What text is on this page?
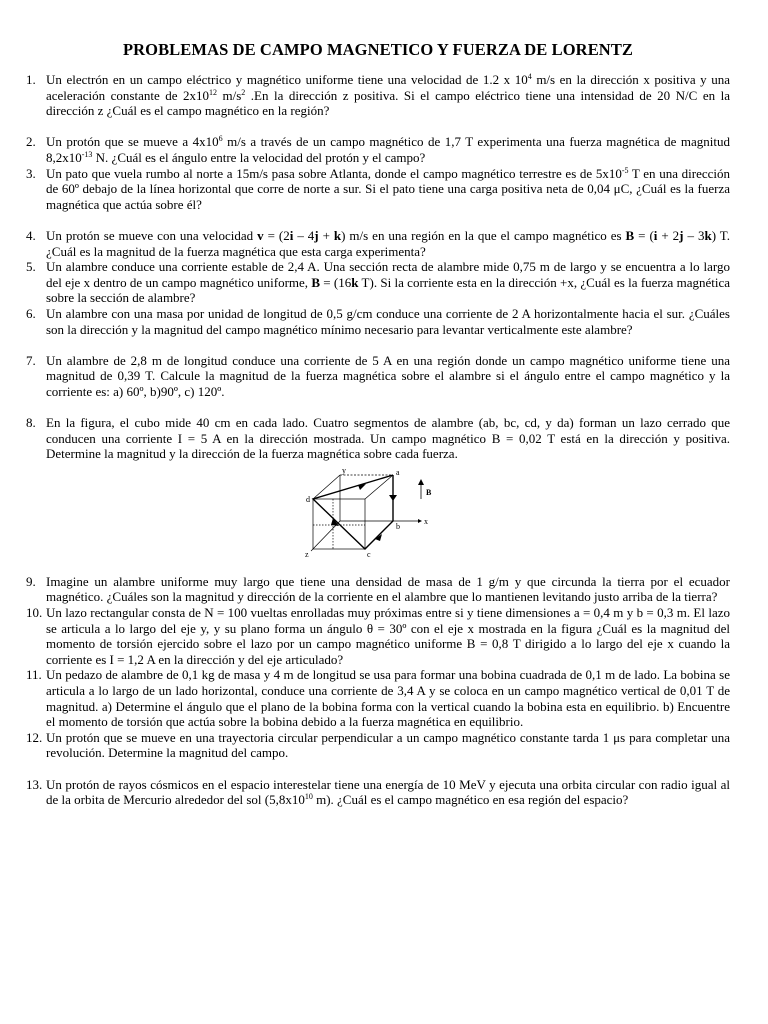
PROBLEMAS DE CAMPO MAGNETICO Y FUERZA DE LORENTZ
1. Un electrón en un campo eléctrico y magnético uniforme tiene una velocidad de 1.2 x $10^4$ m/s en la dirección x positiva y una aceleración constante de $2x10^{12}$ $m/s^2$ .En la dirección z positiva. Si el campo eléctrico tiene una intensidad de 20 N/C en la dirección z ¿Cuál es el campo magnético en la región?
2. Un protón que se mueve a $4x10^6$ m/s a través de un campo magnético de 1,7 T experimenta una fuerza magnética de magnitud $8,2x10^{-13}$ N. ¿Cuál es el ángulo entre la velocidad del protón y el campo?
3. Un pato que vuela rumbo al norte a 15m/s pasa sobre Atlanta, donde el campo magnético terrestre es de $5x10^{-5}$ T en una dirección de 60º debajo de la línea horizontal que corre de norte a sur. Si el pato tiene una carga positiva neta de 0,04 μC, ¿Cuál es la fuerza magnética que actúa sobre él?
4. Un protón se mueve con una velocidad v = (2i – 4j + k) m/s en una región en la que el campo magnético es B = (i + 2j – 3k) T. ¿Cuál es la magnitud de la fuerza magnética que esta carga experimenta?
5. Un alambre conduce una corriente estable de 2,4 A. Una sección recta de alambre mide 0,75 m de largo y se encuentra a lo largo del eje x dentro de un campo magnético uniforme, B = (16k T). Si la corriente esta en la dirección +x, ¿Cuál es la fuerza magnética sobre la sección de alambre?
6. Un alambre con una masa por unidad de longitud de 0,5 g/cm conduce una corriente de 2 A horizontalmente hacia el sur. ¿Cuáles son la dirección y la magnitud del campo magnético mínimo necesario para levantar verticalmente este alambre?
7. Un alambre de 2,8 m de longitud conduce una corriente de 5 A en una región donde un campo magnético uniforme tiene una magnitud de 0,39 T. Calcule la magnitud de la fuerza magnética sobre el alambre si el ángulo entre el campo magnético y la corriente es: a) 60º, b)90º, c) 120º.
8. En la figura, el cubo mide 40 cm en cada lado. Cuatro segmentos de alambre (ab, bc, cd, y da) forman un lazo cerrado que conducen una corriente I = 5 A en la dirección mostrada. Un campo magnético B = 0,02 T está en la dirección y positiva. Determine la magnitud y la dirección de la fuerza magnética sobre cada fuerza.
y
x
z
a
b
c
d
B
9. Imagine un alambre uniforme muy largo que tiene una densidad de masa de 1 g/m y que circunda la tierra por el ecuador magnético. ¿Cuáles son la magnitud y dirección de la corriente en el alambre que lo mantienen levitando justo arriba de la tierra?
10. Un lazo rectangular consta de N = 100 vueltas enrolladas muy próximas entre si y tiene dimensiones a = 0,4 m y b = 0,3 m. El lazo se articula a lo largo del eje y, y su plano forma un ángulo θ = 30º con el eje x mostrada en la figura ¿Cuál es la magnitud del momento de torsión ejercido sobre el lazo por un campo magnético uniforme B = 0,8 T dirigido a lo largo del eje x cuando la corriente es I = 1,2 A en la dirección y del eje articulado?
11. Un pedazo de alambre de 0,1 kg de masa y 4 m de longitud se usa para formar una bobina cuadrada de 0,1 m de lado. La bobina se articula a lo largo de un lado horizontal, conduce una corriente de 3,4 A y se coloca en un campo magnético vertical de 0,01 T de magnitud. a) Determine el ángulo que el plano de la bobina forma con la vertical cuando la bobina esta en equilibrio. b) Encuentre el momento de torsión que actúa sobre la bobina debido a la fuerza magnética en equilibrio.
12. Un protón que se mueve en una trayectoria circular perpendicular a un campo magnético constante tarda 1 μs para completar una revolución. Determine la magnitud del campo.
13. Un protón de rayos cósmicos en el espacio interestelar tiene una energía de 10 MeV y ejecuta una orbita circular con radio igual al de la orbita de Mercurio alrededor del sol ($5,8x10^{10}$ m). ¿Cuál es el campo magnético en esa región del espacio?
